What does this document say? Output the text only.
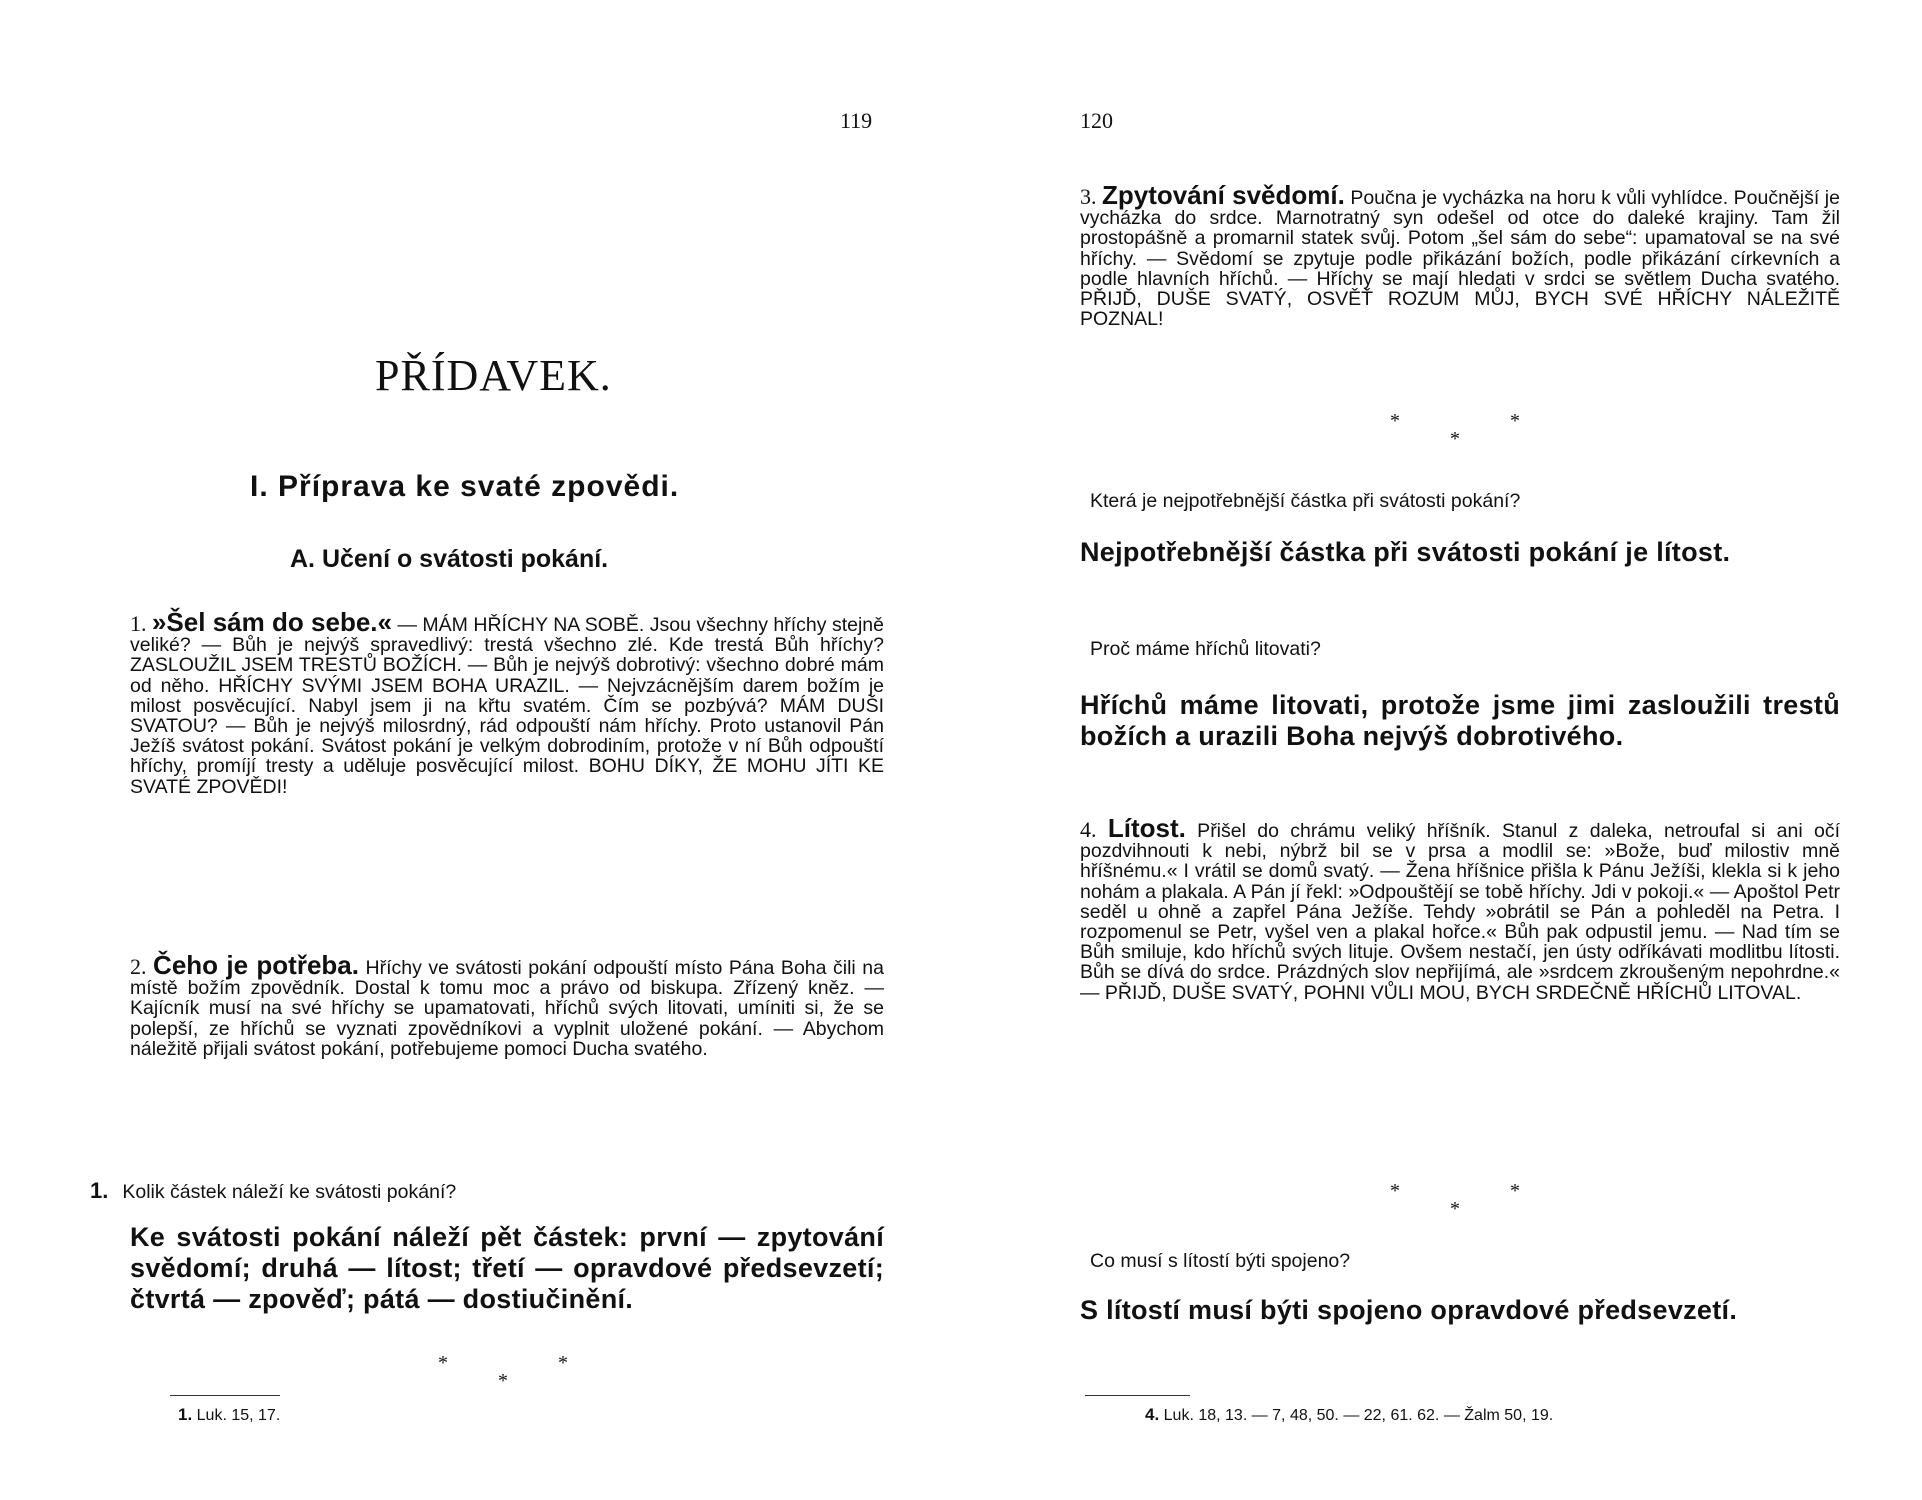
119
PŘÍDAVEK.
I. Příprava ke svaté zpovědi.
A. Učení o svátosti pokání.
1. »Šel sám do sebe.« — MÁM HŘÍCHY NA SOBĚ. Jsou všechny hříchy stejně veliké? — Bůh je nejvýš spravedlivý: trestá všechno zlé. Kde trestá Bůh hříchy? ZASLOUŽIL JSEM TRESTŮ BOŽÍCH. — Bůh je nejvýš dobrotivý: všechno dobré mám od něho. HŘÍCHY SVÝMI JSEM BOHA URAZIL. — Nejvzácnějším darem božím je milost posvěcující. Nabyl jsem ji na křtu svatém. Čím se pozbývá? MÁM DUŠI SVATOU? — Bůh je nejvýš milosrdný, rád odpouští nám hříchy. Proto ustanovil Pán Ježíš svátost pokání. Svátost pokání je velkým dobrodiním, protože v ní Bůh odpouští hříchy, promíjí tresty a uděluje posvěcující milost. BOHU DÍKY, ŽE MOHU JÍTI KE SVATÉ ZPOVĚDI!
2. Čeho je potřeba. Hříchy ve svátosti pokání odpouští místo Pána Boha čili na místě božím zpovědník. Dostal k tomu moc a právo od biskupa. Zřízený kněz. — Kajícník musí na své hříchy se upamatovati, hříchů svých litovati, umíniti si, že se polepší, ze hříchů se vyznati zpovědníkovi a vyplnit uložené pokání. — Abychom náležitě přijali svátost pokání, potřebujeme pomoci Ducha svatého.
1. Kolik částek náleží ke svátosti pokání?
Ke svátosti pokání náleží pět částek: první — zpytování svědomí; druhá — lítost; třetí — opravdové předsevzetí; čtvrtá — zpověď; pátá — dostiučinění.
*
*
*
1. Luk. 15, 17.
120
3. Zpytování svědomí. Poučna je vycházka na horu k vůli vyhlídce. Poučnější je vycházka do srdce. Marnotratný syn odešel od otce do daleké krajiny. Tam žil prostopášně a promarnil statek svůj. Potom „šel sám do sebe“: upamatoval se na své hříchy. — Svědomí se zpytuje podle přikázání božích, podle přikázání církevních a podle hlavních hříchů. — Hříchy se mají hledati v srdci se světlem Ducha svatého. PŘIJĎ, DUŠE SVATÝ, OSVĚŤ ROZUM MŮJ, BYCH SVÉ HŘÍCHY NÁLEŽITĚ POZNAL!
*
*
*
Která je nejpotřebnější částka při svátosti pokání?
Nejpotřebnější částka při svátosti pokání je lítost.
Proč máme hříchů litovati?
Hříchů máme litovati, protože jsme jimi zasloužili trestů božích a urazili Boha nejvýš dobrotivého.
4. Lítost. Přišel do chrámu veliký hříšník. Stanul z daleka, netroufal si ani očí pozdvihnouti k nebi, nýbrž bil se v prsa a modlil se: »Bože, buď milostiv mně hříšnému.« I vrátil se domů svatý. — Žena hříšnice přišla k Pánu Ježíši, klekla si k jeho nohám a plakala. A Pán jí řekl: »Odpouštějí se tobě hříchy. Jdi v pokoji.« — Apoštol Petr seděl u ohně a zapřel Pána Ježíše. Tehdy »obrátil se Pán a pohleděl na Petra. I rozpomenul se Petr, vyšel ven a plakal hořce.« Bůh pak odpustil jemu. — Nad tím se Bůh smiluje, kdo hříchů svých lituje. Ovšem nestačí, jen ústy odříkávati modlitbu lítosti. Bůh se dívá do srdce. Prázdných slov nepřijímá, ale »srdcem zkroušeným nepohrdne.« — PŘIJĎ, DUŠE SVATÝ, POHNI VŮLI MOU, BYCH SRDEČNĚ HŘÍCHŮ LITOVAL.
*
*
*
Co musí s lítostí býti spojeno?
S lítostí musí býti spojeno opravdové předsevzetí.
4. Luk. 18, 13. — 7, 48, 50. — 22, 61. 62. — Žalm 50, 19.
